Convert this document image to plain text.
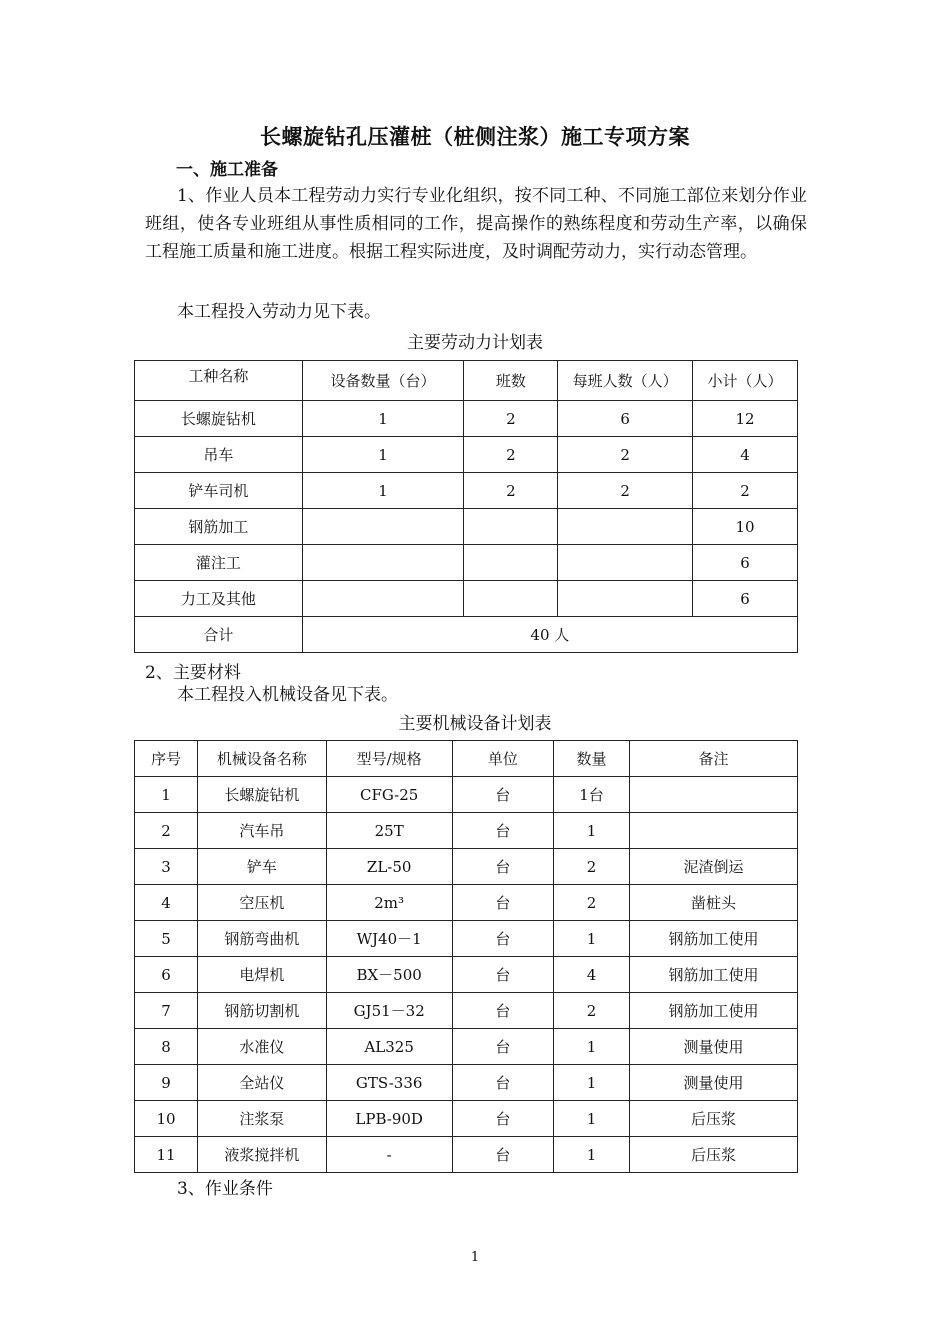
长螺旋钻孔压灌桩（桩侧注浆）施工专项方案
一、施工准备
1、作业人员本工程劳动力实行专业化组织，按不同工种、不同施工部位来划分作业班组，使各专业班组从事性质相同的工作，提高操作的熟练程度和劳动生产率，以确保工程施工质量和施工进度。根据工程实际进度，及时调配劳动力，实行动态管理。
本工程投入劳动力见下表。
主要劳动力计划表
工种名称	设备数量（台）	班数	每班人数（人）	小计（人）
长螺旋钻机	1	2	6	12
吊车	1	2	2	4
铲车司机	1	2	2	2
钢筋加工				10
灌注工				6
力工及其他				6
合计	40 人			
2、主要材料
本工程投入机械设备见下表。
主要机械设备计划表
序号	机械设备名称	型号/规格	单位	数量	备注
1	长螺旋钻机	CFG-25	台	1台	
2	汽车吊	25T	台	1	
3	铲车	ZL-50	台	2	泥渣倒运
4	空压机	2m³	台	2	凿桩头
5	钢筋弯曲机	WJ40－1	台	1	钢筋加工使用
6	电焊机	BX－500	台	4	钢筋加工使用
7	钢筋切割机	GJ51－32	台	2	钢筋加工使用
8	水准仪	AL325	台	1	测量使用
9	全站仪	GTS-336	台	1	测量使用
10	注浆泵	LPB-90D	台	1	后压浆
11	液浆搅拌机	-	台	1	后压浆
3、作业条件
1
